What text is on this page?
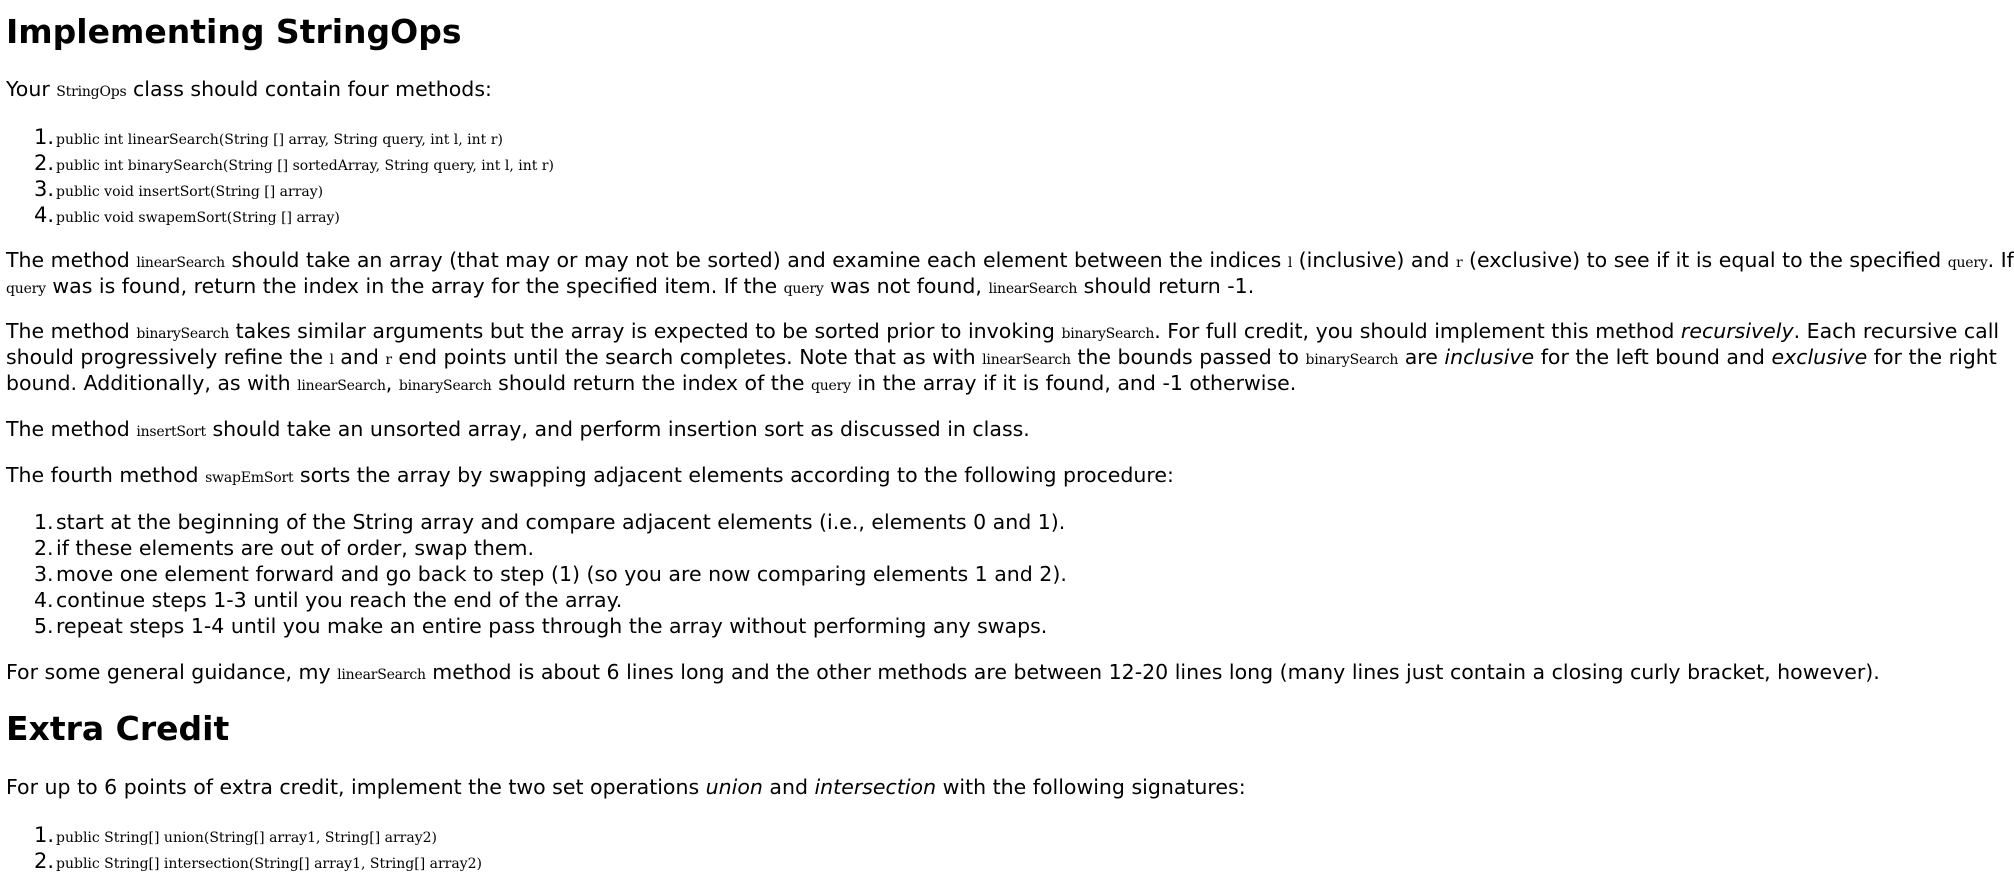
Implementing StringOps

Your StringOps class should contain four methods:

1. public int linearSearch(String [] array, String query, int l, int r)
2. public int binarySearch(String [] sortedArray, String query, int l, int r)
3. public void insertSort(String [] array)
4. public void swapemSort(String [] array)

The method linearSearch should take an array (that may or may not be sorted) and examine each element between the indices l (inclusive) and r (exclusive) to see if it is equal to the specified query. If

query was is found, return the index in the array for the specified item. If the query was not found, linearSearch should return -1.

The method binarySearch takes similar arguments but the array is expected to be sorted prior to invoking binarySearch. For full credit, you should implement this method recursively. Each recursive call

should progressively refine the l and r end points until the search completes. Note that as with linearSearch the bounds passed to binarySearch are inclusive for the left bound and exclusive for the right

bound. Additionally, as with linearSearch, binarySearch should return the index of the query in the array if it is found, and -1 otherwise.

The method insertSort should take an unsorted array, and perform insertion sort as discussed in class.

The fourth method swapEmSort sorts the array by swapping adjacent elements according to the following procedure:

1. start at the beginning of the String array and compare adjacent elements (i.e., elements 0 and 1).
2. if these elements are out of order, swap them.
3. move one element forward and go back to step (1) (so you are now comparing elements 1 and 2).
4. continue steps 1-3 until you reach the end of the array.
5. repeat steps 1-4 until you make an entire pass through the array without performing any swaps.

For some general guidance, my linearSearch method is about 6 lines long and the other methods are between 12-20 lines long (many lines just contain a closing curly bracket, however).

Extra Credit

For up to 6 points of extra credit, implement the two set operations union and intersection with the following signatures:

1. public String[] union(String[] array1, String[] array2)
2. public String[] intersection(String[] array1, String[] array2)
